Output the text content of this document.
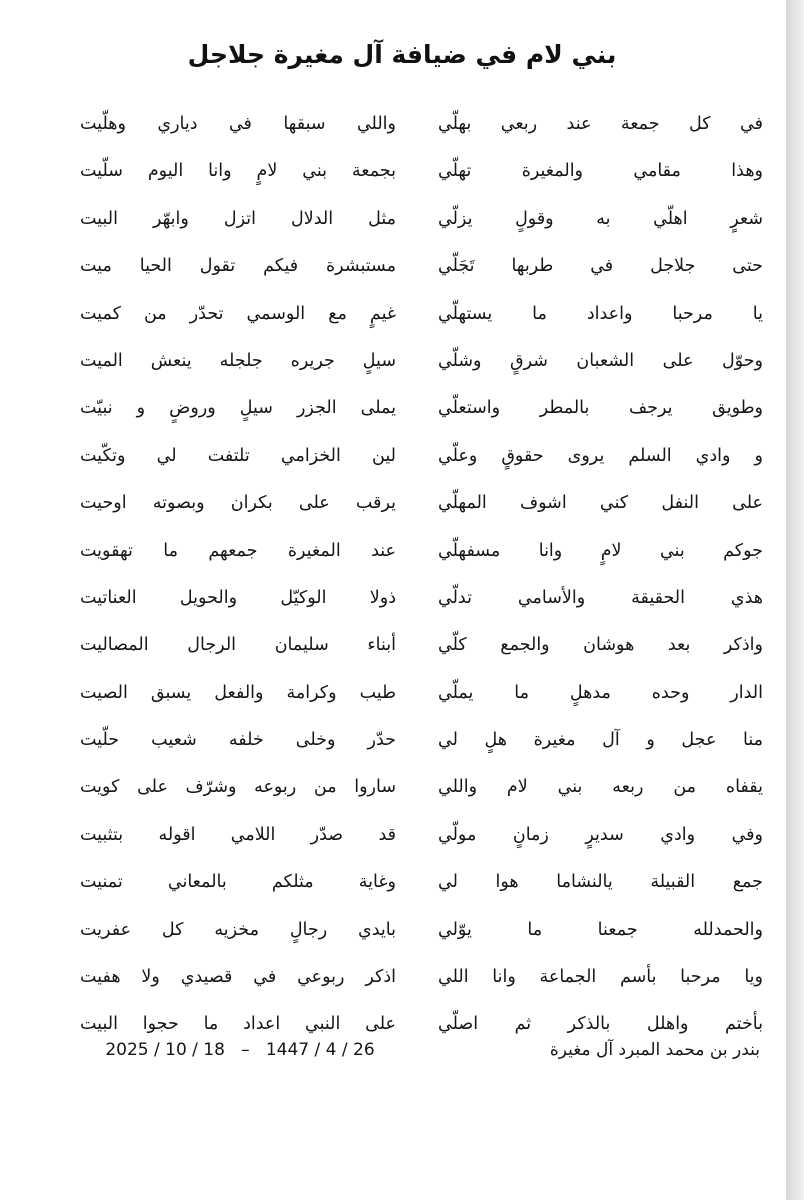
بني لام في ضيافة آل مغيرة جلاجل
في كل جمعة عند ربعي بهلّي
واللي سبقها في دياري وهلّيت
وهذا مقامي والمغيرة تهلّي
بجمعة بني لامٍ وانا اليوم سلّيت
شعرٍ اهلّي به وقولٍ يزلّي
مثل الدلال اتزل وابهّر البيت
حتى جلاجل في طربها تَجَلّي
مستبشرة فيكم تقول الحيا ميت
يا مرحبا واعداد ما يستهلّي
غيمٍ مع الوسمي تحدّر من كميت
وحوّل على الشعبان شرقٍ وشلّي
سيلٍ جريره جلجله ينعش الميت
وطويق يرجف بالمطر واستعلّي
يملى الجزر سيلٍ وروضٍ و نبيّت
و وادي السلم يروى حقوقٍ وعلّي
لين الخزامي تلتفت لي وتكّيت
على النفل كني اشوف المهلّي
يرقب على بكران وبصوته اوحيت
جوكم بني لامٍ وانا مسفهلّي
عند المغيرة جمعهم ما تهقويت
هذي الحقيقة والأسامي تدلّي
ذولا الوكيّل والحويل العناتيت
واذكر بعد هوشان والجمع كلّي
أبناء سليمان الرجال المصاليت
الدار وحده مدهلٍ ما يملّي
طيب وكرامة والفعل يسبق الصيت
منا عجل و آل مغيرة هلٍ لي
حدّر وخلى خلفه شعيب حلّيت
يقفاه من ربعه بني لام واللي
ساروا من ربوعه وشرّف على كويت
وفي وادي سديرٍ زمانٍ مولّي
قد صدّر اللامي اقوله بتثبيت
جمع القبيلة يالنشاما هوا لي
وغاية مثلكم بالمعاني تمنيت
والحمدلله جمعنا ما يوّلي
بايدي رجالٍ مخزيه كل عفريت
ويا مرحبا بأسم الجماعة وانا اللي
اذكر ربوعي في قصيدي ولا هفيت
بأختم واهلل بالذكر ثم اصلّي
على النبي اعداد ما حجوا البيت
بندر بن محمد المبرد آل مغيرة
2025 / 10 / 18   –   1447 / 4 / 26
